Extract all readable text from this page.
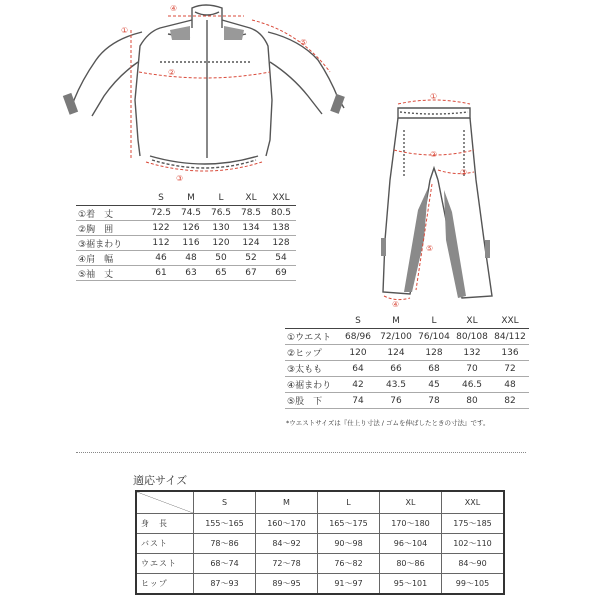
①
②
③
④
⑤
①
②
③
④
⑤
	S	M	L	XL	XXL
①着　丈	72.5	74.5	76.5	78.5	80.5
②胸　囲	122	126	130	134	138
③裾まわり	112	116	120	124	128
④肩　幅	46	48	50	52	54
⑤袖　丈	61	63	65	67	69
	S	M	L	XL	XXL
①ウエスト	68/96	72/100	76/104	80/108	84/112
②ヒップ	120	124	128	132	136
③太もも	64	66	68	70	72
④裾まわり	42	43.5	45	46.5	48
⑤股　下	74	76	78	80	82
*ウエストサイズは『仕上り寸法 / ゴムを伸ばしたときの寸法』です。
適応サイズ
	S	M	L	XL	XXL
身　長	155〜165	160〜170	165〜175	170〜180	175〜185
バスト	78〜86	84〜92	90〜98	96〜104	102〜110
ウエスト	68〜74	72〜78	76〜82	80〜86	84〜90
ヒップ	87〜93	89〜95	91〜97	95〜101	99〜105
